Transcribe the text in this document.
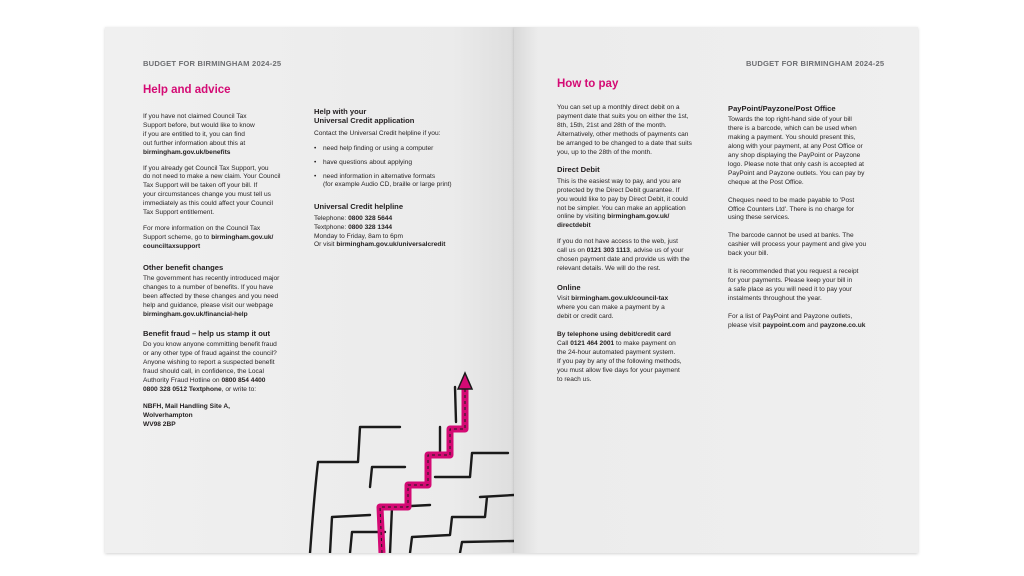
BUDGET FOR BIRMINGHAM 2024-25
Help and advice

If you have not claimed Council Tax
Support before, but would like to know
if you are entitled to it, you can find
out further information about this at
birmingham.gov.uk/benefits

If you already get Council Tax Support, you
do not need to make a new claim. Your Council
Tax Support will be taken off your bill. If
your circumstances change you must tell us
immediately as this could affect your Council
Tax Support entitlement.

For more information on the Council Tax
Support scheme, go to birmingham.gov.uk/
counciltaxsupport

Other benefit changes

The government has recently introduced major
changes to a number of benefits. If you have
been affected by these changes and you need
help and guidance, please visit our webpage
birmingham.gov.uk/financial-help

Benefit fraud – help us stamp it out

Do you know anyone committing benefit fraud
or any other type of fraud against the council?
Anyone wishing to report a suspected benefit
fraud should call, in confidence, the Local
Authority Fraud Hotline on 0800 854 4400
0800 328 0512 Textphone, or write to:

NBFH, Mail Handling Site A,
Wolverhampton
WV98 2BP

Help with your
Universal Credit application

Contact the Universal Credit helpline if you:

• need help finding or using a computer
• have questions about applying
• need information in alternative formats
(for example Audio CD, braille or large print)
Universal Credit helpline

Telephone: 0800 328 5644
Textphone: 0800 328 1344
Monday to Friday, 8am to 6pm
Or visit birmingham.gov.uk/universalcredit

BUDGET FOR BIRMINGHAM 2024-25
How to pay

You can set up a monthly direct debit on a
payment date that suits you on either the 1st,
8th, 15th, 21st and 28th of the month.
Alternatively, other methods of payments can
be arranged to be changed to a date that suits
you, up to the 28th of the month.

Direct Debit

This is the easiest way to pay, and you are
protected by the Direct Debit guarantee. If
you would like to pay by Direct Debit, it could
not be simpler. You can make an application
online by visiting birmingham.gov.uk/
directdebit

If you do not have access to the web, just
call us on 0121 303 1113, advise us of your
chosen payment date and provide us with the
relevant details. We will do the rest.

Online

Visit birmingham.gov.uk/council-tax
where you can make a payment by a
debit or credit card.

By telephone using debit/credit card

Call 0121 464 2001 to make payment on
the 24-hour automated payment system.
If you pay by any of the following methods,
you must allow five days for your payment
to reach us.

PayPoint/Payzone/Post Office

Towards the top right-hand side of your bill
there is a barcode, which can be used when
making a payment. You should present this,
along with your payment, at any Post Office or
any shop displaying the PayPoint or Payzone
logo. Please note that only cash is accepted at
PayPoint and Payzone outlets. You can pay by
cheque at the Post Office.

Cheques need to be made payable to 'Post
Office Counters Ltd'. There is no charge for
using these services.

The barcode cannot be used at banks. The
cashier will process your payment and give you
back your bill.

It is recommended that you request a receipt
for your payments. Please keep your bill in
a safe place as you will need it to pay your
instalments throughout the year.

For a list of PayPoint and Payzone outlets,
please visit paypoint.com and payzone.co.uk
